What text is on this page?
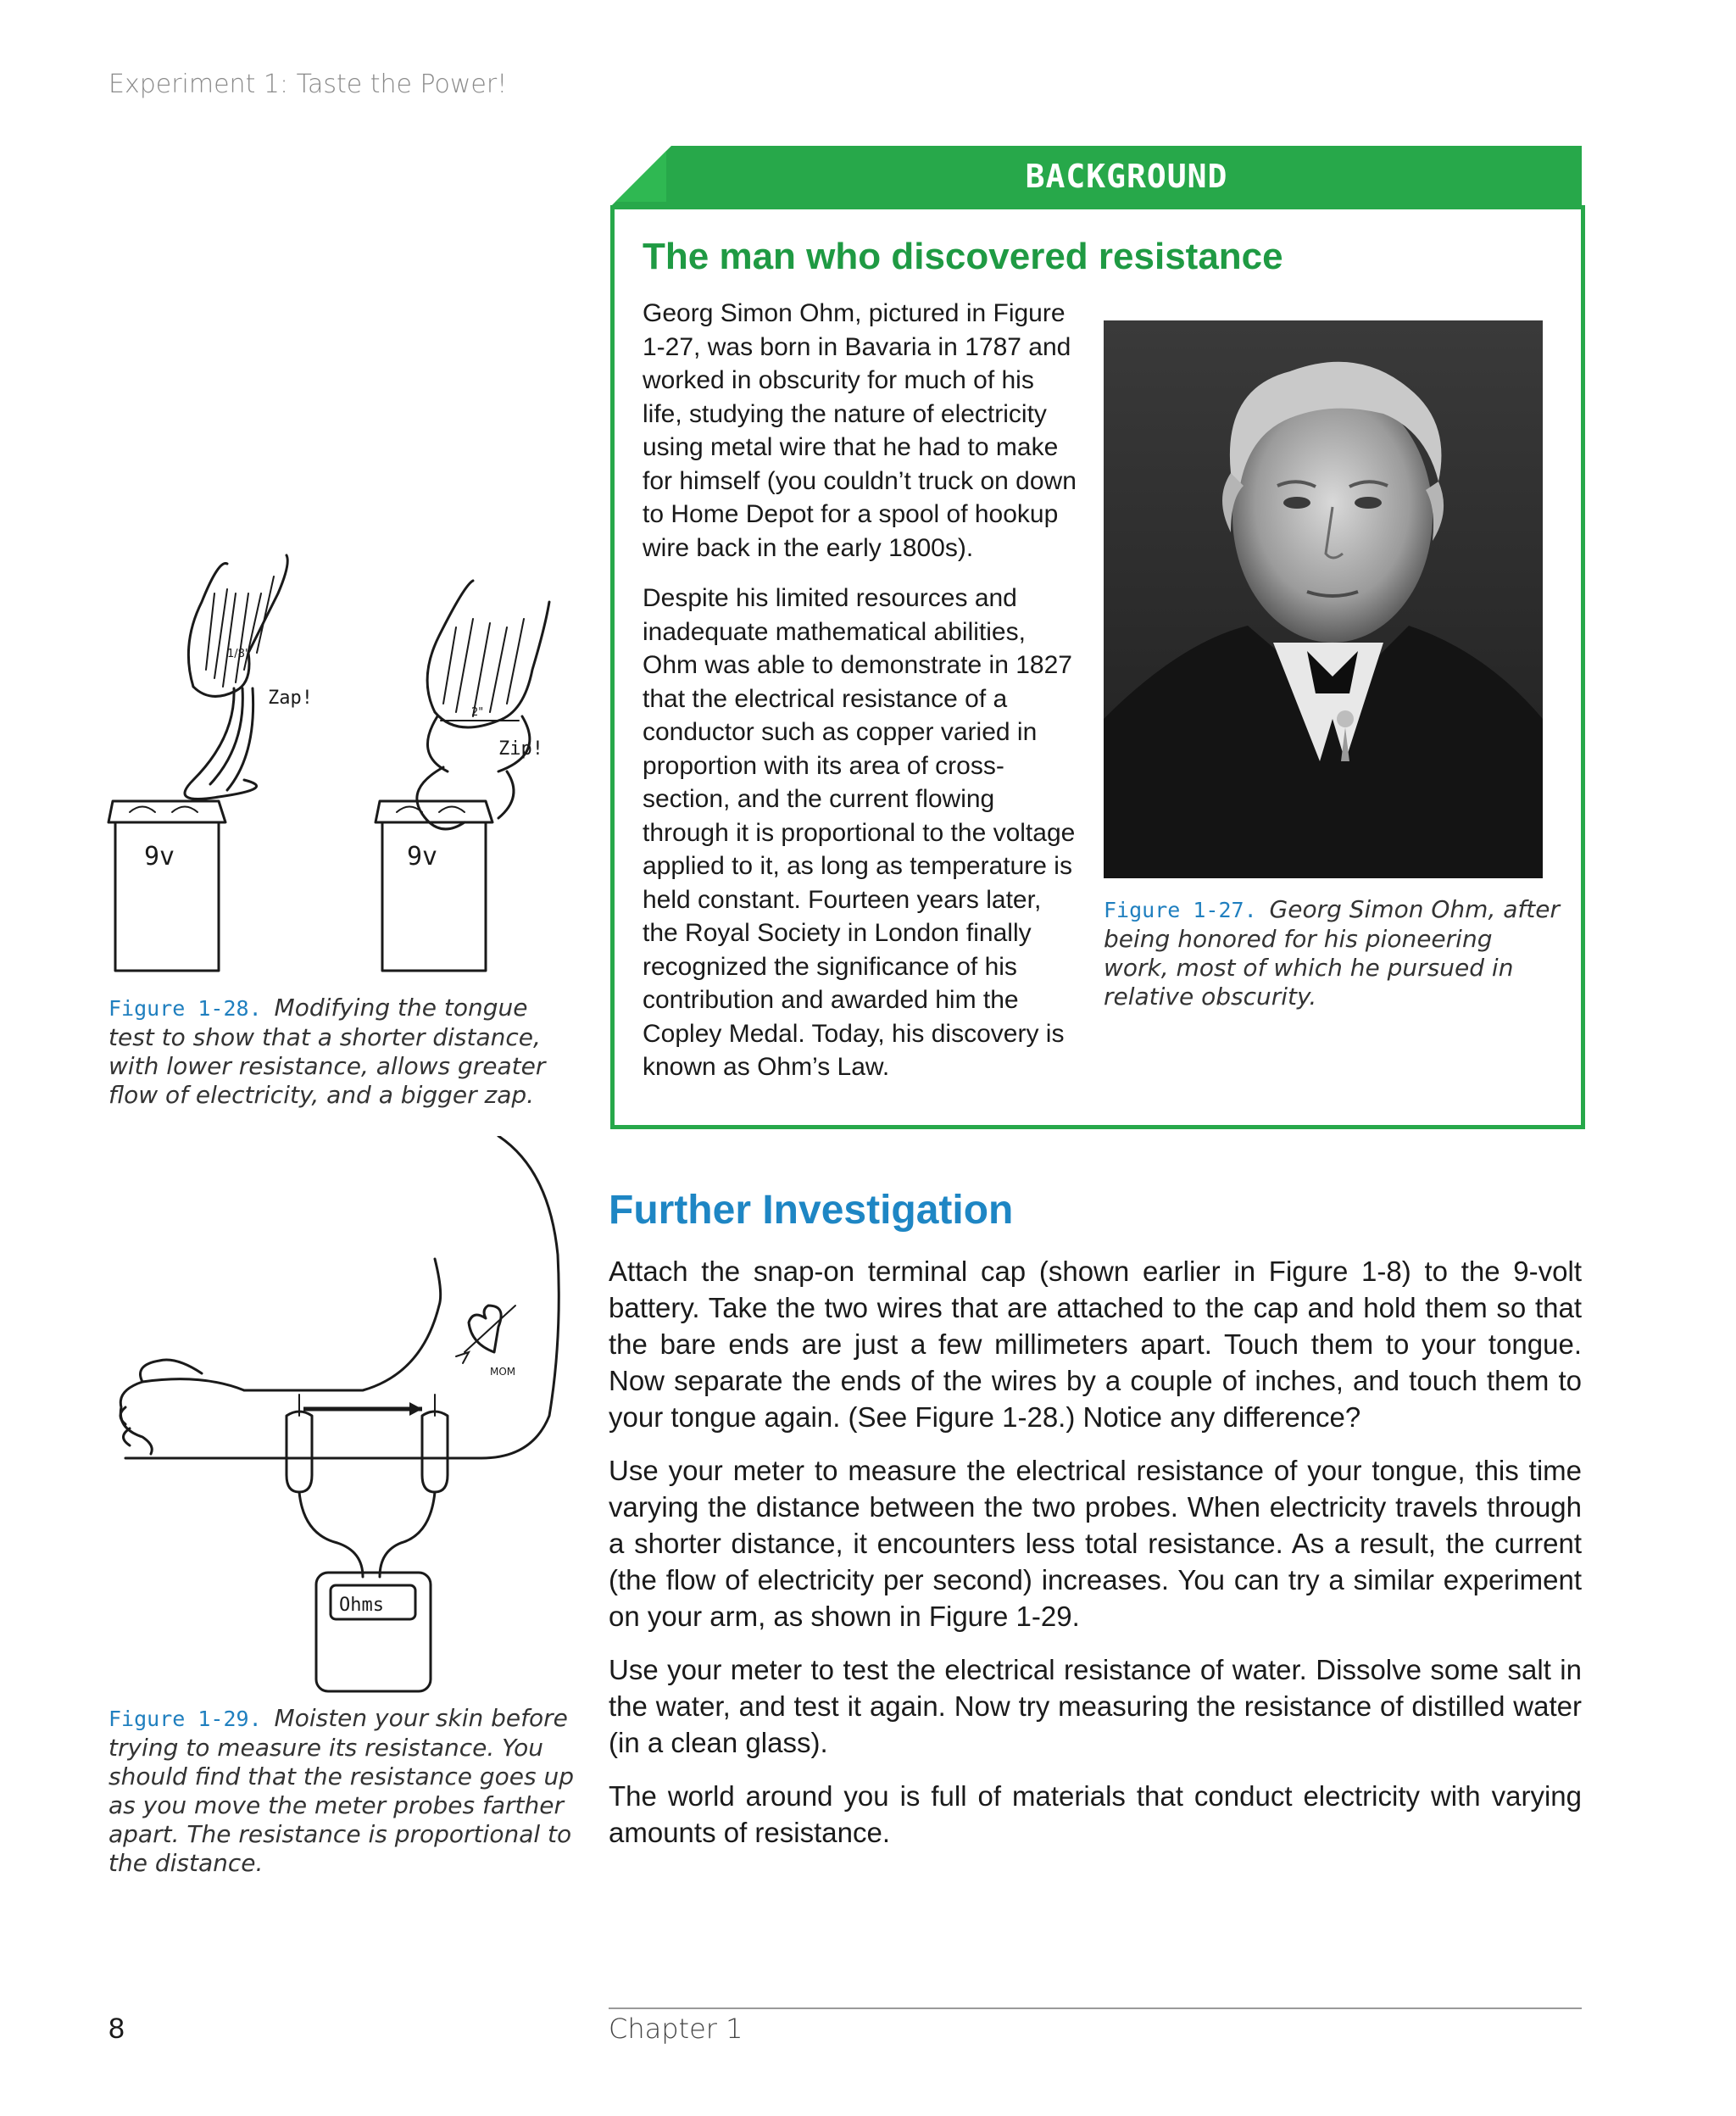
Experiment 1: Taste the Power!
BACKGROUND
The man who discovered resistance

Georg Simon Ohm, pictured in Figure 1-27, was born in Bavaria in 1787 and worked in obscurity for much of his life, studying the nature of electricity using metal wire that he had to make for himself (you couldn’t truck on down to Home Depot for a spool of hookup wire back in the early 1800s).

Despite his limited resources and inadequate mathematical abilities, Ohm was able to demonstrate in 1827 that the electrical resistance of a conductor such as copper varied in proportion with its area of cross-section, and the current flowing through it is proportional to the voltage applied to it, as long as temperature is held constant. Fourteen years later, the Royal Society in London finally recognized the significance of his contribution and awarded him the Copley Medal. Today, his discovery is known as Ohm’s Law.

Figure 1-27. Georg Simon Ohm, after being honored for his pioneering work, most of which he pursued in relative obscurity.
1/8"
Zap!
9v
2"
Zip!
9v
Figure 1-28. Modifying the tongue test to show that a shorter distance, with lower resistance, allows greater flow of electricity, and a bigger zap.
MOM
Ohms
Figure 1-29. Moisten your skin before trying to measure its resistance. You should find that the resistance goes up as you move the meter probes farther apart. The resistance is proportional to the distance.
Further Investigation

Attach the snap-on terminal cap (shown earlier in Figure 1-8) to the 9-volt battery. Take the two wires that are attached to the cap and hold them so that the bare ends are just a few millimeters apart. Touch them to your tongue. Now separate the ends of the wires by a couple of inches, and touch them to your tongue again. (See Figure 1-28.) Notice any difference?

Use your meter to measure the electrical resistance of your tongue, this time varying the distance between the two probes. When electricity travels through a shorter distance, it encounters less total resistance. As a result, the current (the flow of electricity per second) increases. You can try a similar experiment on your arm, as shown in Figure 1-29.

Use your meter to test the electrical resistance of water. Dissolve some salt in the water, and test it again. Now try measuring the resistance of distilled water (in a clean glass).

The world around you is full of materials that conduct electricity with varying amounts of resistance.

8	Chapter 1
